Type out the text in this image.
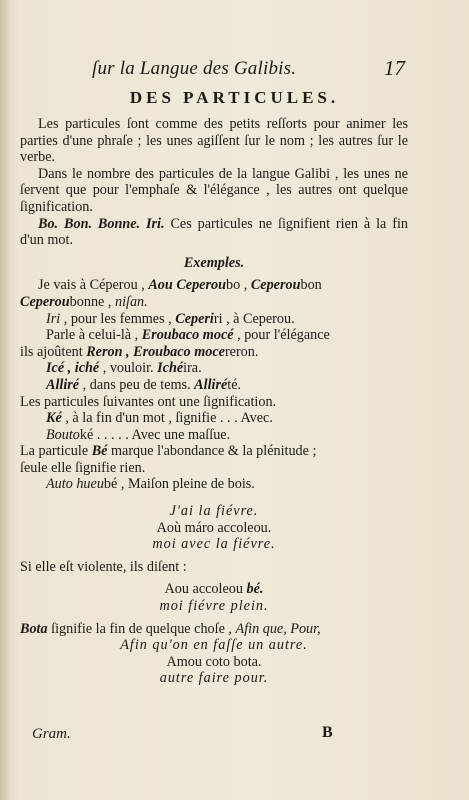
ſur la Langue des Galibis.	17
DES PARTICULES.

Les particules ſont comme des petits reſſorts pour animer les parties d'une phraſe ; les unes agiſſent ſur le nom ; les autres ſur le verbe.

Dans le nombre des particules de la langue Galibi , les unes ne ſervent que pour l'emphaſe & l'élégance , les autres ont quelque ſignification.

Bo. Bon. Bonne. Iri. Ces particules ne ſignifient rien à la fin d'un mot.

Exemples.

Je vais à Céperou , Aou Ceperoubo , Ceperoubon

Ceperoubonne , niſan.

Iri , pour les femmes , Ceperiri , à Ceperou.

Parle à celui-là , Eroubaco mocé , pour l'élégance

ils ajoûtent Reron , Eroubaco mocereron.

Icé , iché , vouloir. Ichéira.

Alliré , dans peu de tems. Allirété.

Les particules ſuivantes ont une ſignification.

Ké , à la fin d'un mot , ſignifie . . . Avec.

Boutoké . . . . . Avec une maſſue.

La particule Bé marque l'abondance & la plénitude ;

ſeule elle ſignifie rien.

Auto hueubé , Maiſon pleine de bois.

J'ai la fiévre.

Aoù máro accoleou.

moi avec la fiévre.

Si elle eſt violente, ils diſent :

Aou accoleou bé.

moi fiévre plein.

Bota ſignifie la fin de quelque choſe , Afin que, Pour,

Afin qu'on en faſſe un autre.

Amou coto bota.

autre faire pour.

Gram.	B
